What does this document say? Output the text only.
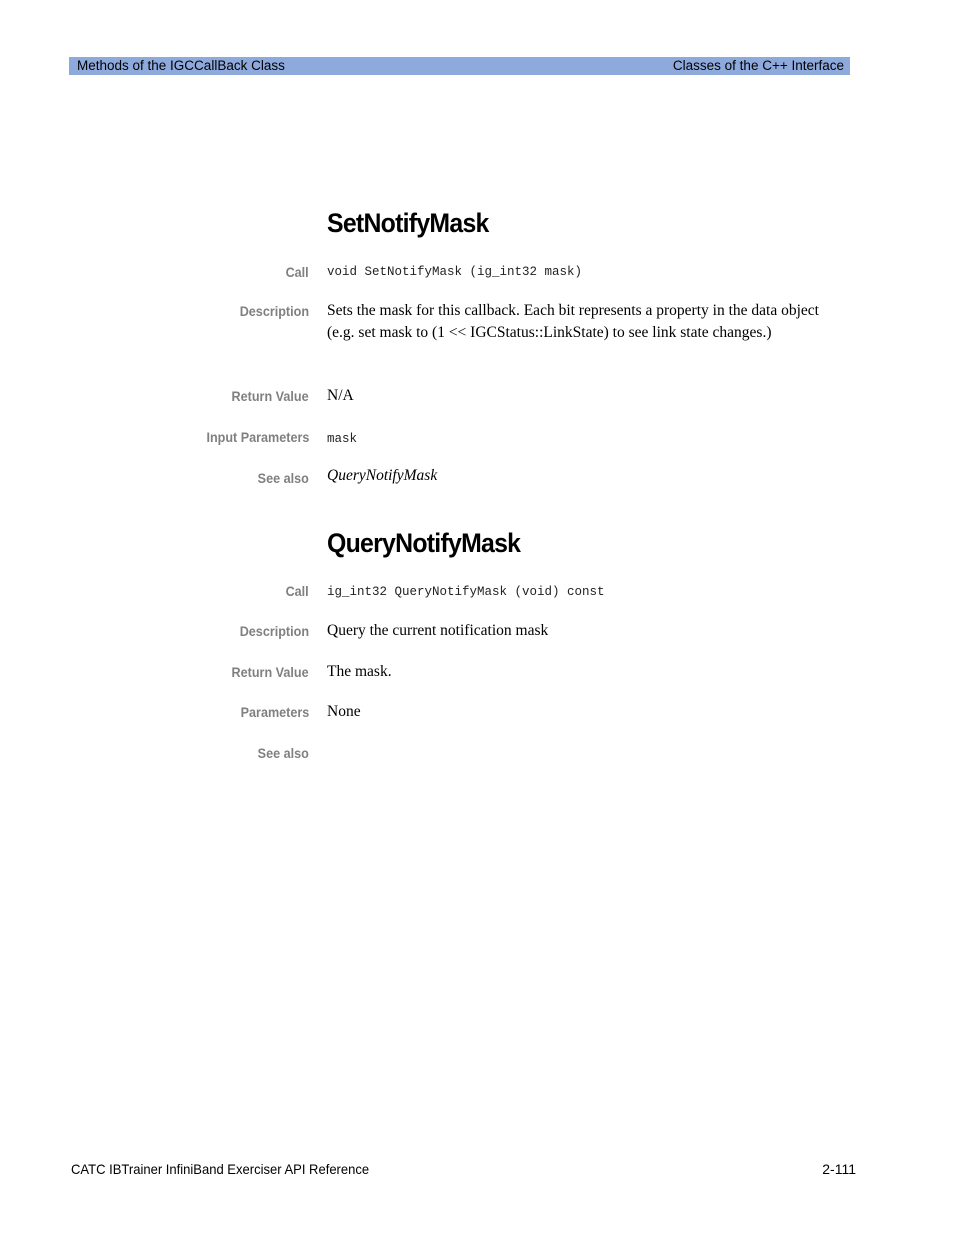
Methods of the IGCCallBack Class	Classes of the C++ Interface
SetNotifyMask
Call void SetNotifyMask (ig_int32 mask)
Description Sets the mask for this callback. Each bit represents a property in the data object (e.g. set mask to (1 << IGCStatus::LinkState) to see link state changes.)
Return Value N/A
Input Parameters mask
See also QueryNotifyMask
QueryNotifyMask
Call ig_int32 QueryNotifyMask (void) const
Description Query the current notification mask
Return Value The mask.
Parameters None
See also
CATC IBTrainer InfiniBand Exerciser API Reference	2-111
